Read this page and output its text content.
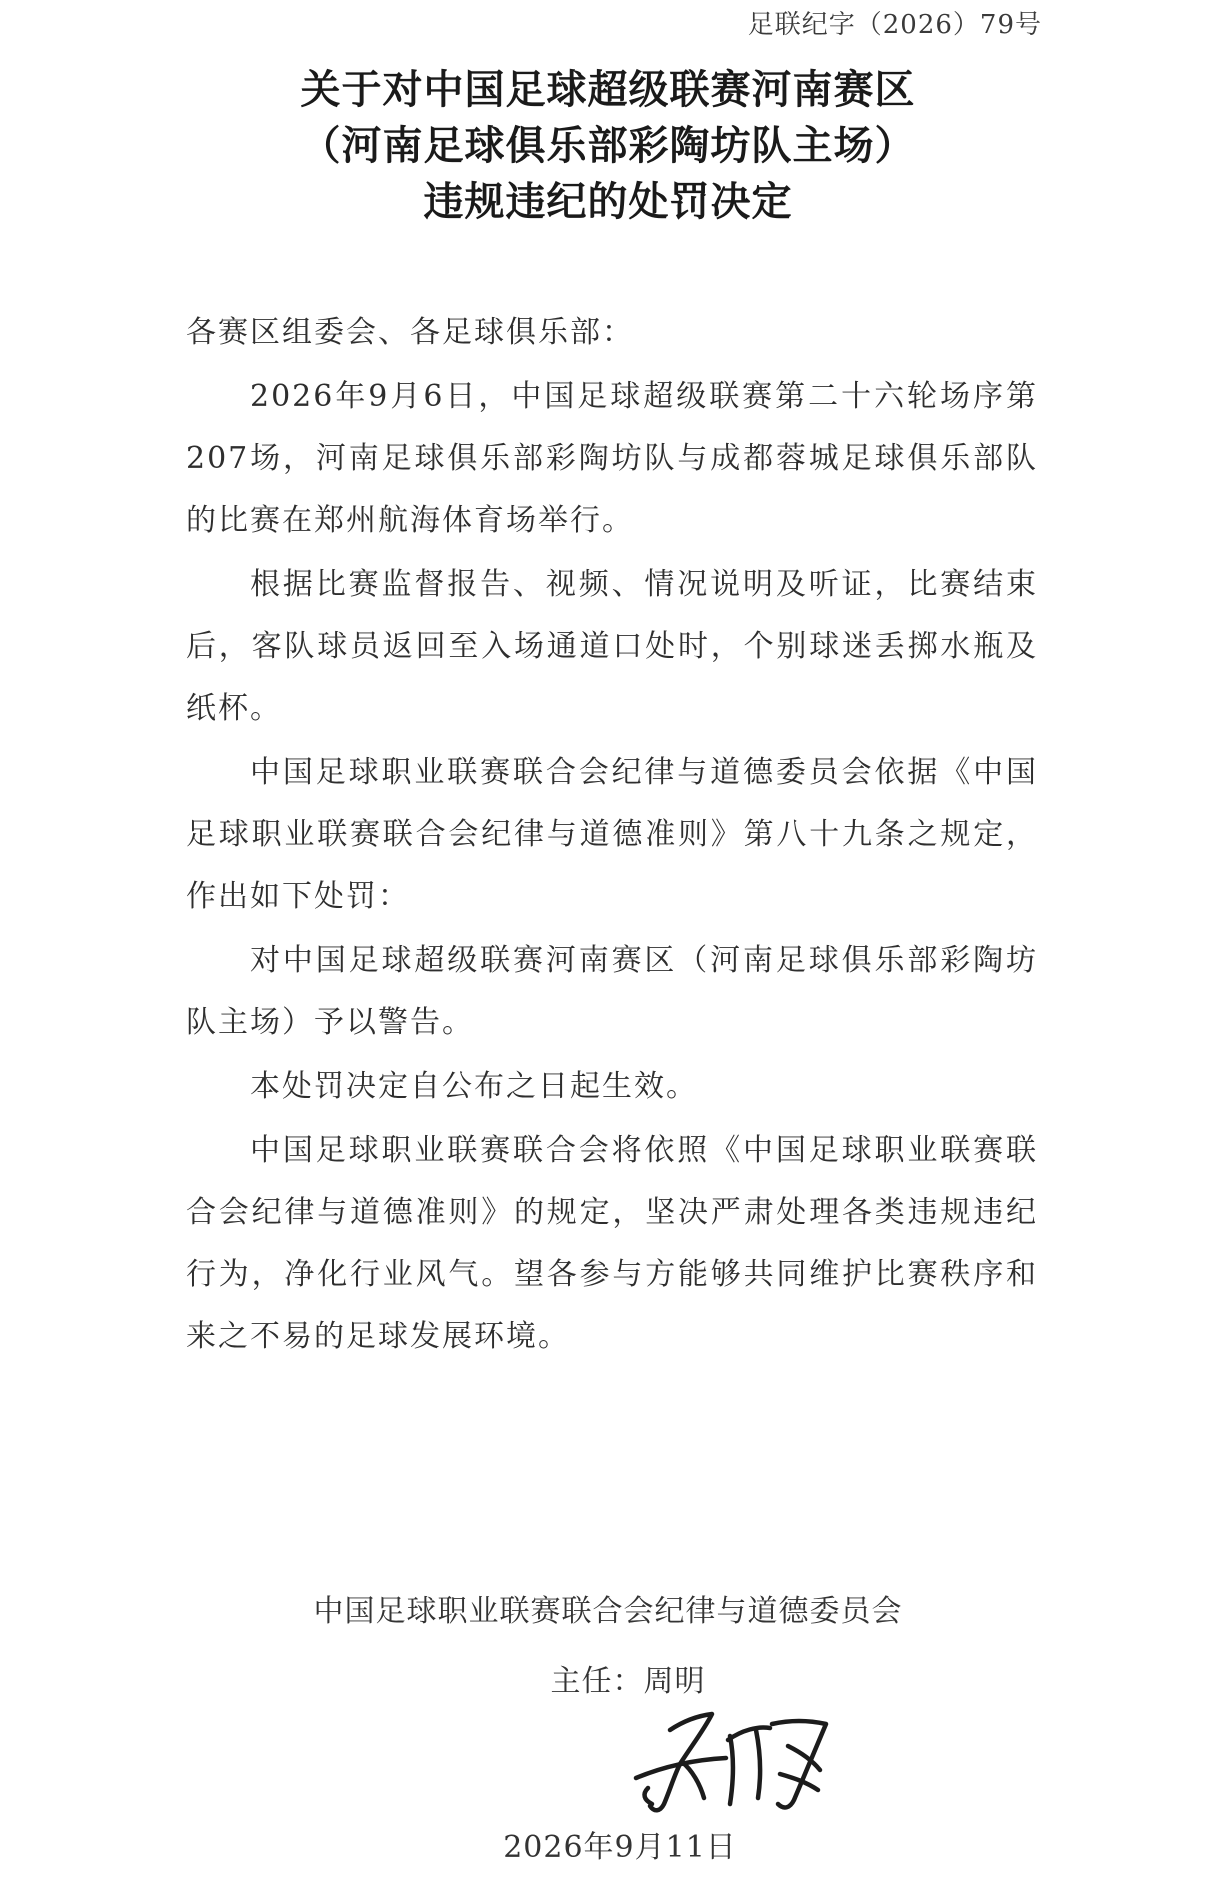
足联纪字（2026）79号
关于对中国足球超级联赛河南赛区
（河南足球俱乐部彩陶坊队主场）
违规违纪的处罚决定

各赛区组委会、各足球俱乐部：

2026年9月6日，中国足球超级联赛第二十六轮场序第207场，河南足球俱乐部彩陶坊队与成都蓉城足球俱乐部队的比赛在郑州航海体育场举行。

根据比赛监督报告、视频、情况说明及听证，比赛结束后，客队球员返回至入场通道口处时，个别球迷丢掷水瓶及纸杯。

中国足球职业联赛联合会纪律与道德委员会依据《中国足球职业联赛联合会纪律与道德准则》第八十九条之规定，作出如下处罚：

对中国足球超级联赛河南赛区（河南足球俱乐部彩陶坊队主场）予以警告。

本处罚决定自公布之日起生效。

中国足球职业联赛联合会将依照《中国足球职业联赛联合会纪律与道德准则》的规定，坚决严肃处理各类违规违纪行为，净化行业风气。望各参与方能够共同维护比赛秩序和来之不易的足球发展环境。

中国足球职业联赛联合会纪律与道德委员会
主任：周明
2026年9月11日
